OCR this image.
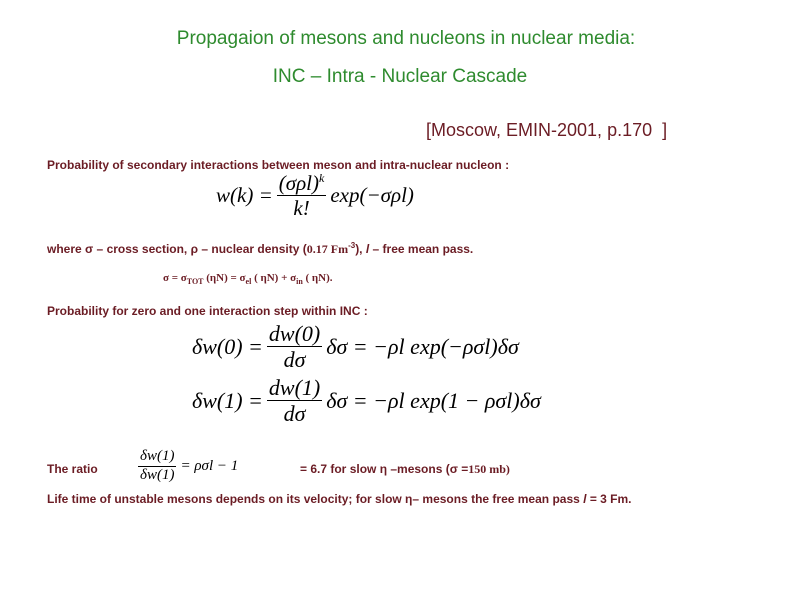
Propagaion of mesons and nucleons in nuclear media:
INC – Intra - Nuclear Cascade
[Moscow, EMIN-2001, p.170  ]
Probability of secondary interactions between meson and intra-nuclear nucleon :
$w(k) = \frac{(\sigma\rho l)^k}{k!} \exp(-\sigma\rho l)$
where σ – cross section, ρ – nuclear density (0.17 $Fm^{-3}$), l – free mean pass.
$\sigma = \sigma_{TOT}$ $(\eta N) = \sigma_{el}$ ( $\eta N) + \sigma_{in}$ ( ηN).
Probability for zero and one interaction step within INC :
$\delta w(0) = \frac{dw(0)}{d\sigma}$ δσ = −ρl exp(−ρσl)δσ
$\delta w(1) = \frac{dw(1)}{d\sigma}$ δσ = −ρl exp(1 − ρσl)δσ
The ratio	$\frac{\delta w(1)}{\delta w(1)} = \rho\sigma l - 1$	= 6.7 for slow η –mesons (σ =150 mb)
Life time of unstable mesons depends on its velocity; for slow η– mesons the free mean pass l = 3 Fm.
